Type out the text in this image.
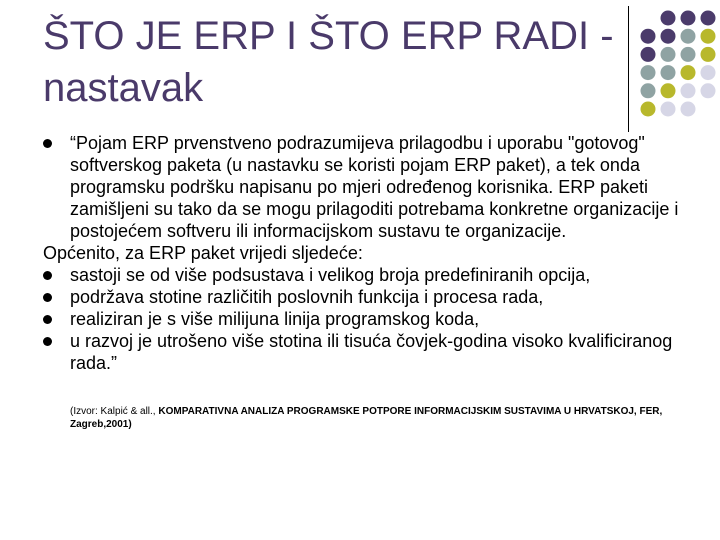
ŠTO JE ERP I ŠTO ERP RADI -
nastavak
“Pojam ERP prvenstveno podrazumijeva prilagodbu i uporabu "gotovog" softverskog paketa (u nastavku se koristi pojam ERP paket), a tek onda programsku podršku napisanu po mjeri određenog korisnika. ERP paketi zamišljeni su tako da se mogu prilagoditi potrebama konkretne organizacije i postojećem softveru ili informacijskom sustavu te organizacije.
Općenito, za ERP paket vrijedi sljedeće:
sastoji se od više podsustava i velikog broja predefiniranih opcija,
podržava stotine različitih poslovnih funkcija i procesa rada,
realiziran je s više milijuna linija programskog koda,
u razvoj je utrošeno više stotina ili tisuća čovjek-godina visoko kvalificiranog rada.”
(Izvor: Kalpić & all., KOMPARATIVNA ANALIZA PROGRAMSKE POTPORE INFORMACIJSKIM SUSTAVIMA U HRVATSKOJ, FER, Zagreb,2001)
